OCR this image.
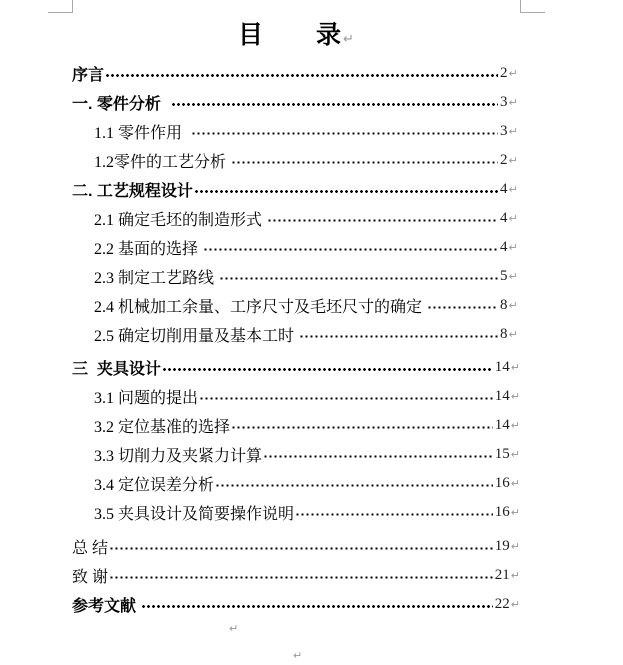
目　　录↵
序言	2 ↵
一. 零件分析	3 ↵
1.1 零件作用	3 ↵
1.2零件的工艺分析	2 ↵
二. 工艺规程设计	4 ↵
2.1 确定毛坯的制造形式	4 ↵
2.2 基面的选择	4 ↵
2.3 制定工艺路线	5 ↵
2.4 机械加工余量、工序尺寸及毛坯尺寸的确定	8 ↵
2.5 确定切削用量及基本工时	8 ↵
三  夹具设计	14 ↵
3.1 问题的提出	14 ↵
3.2 定位基准的选择	14 ↵
3.3 切削力及夹紧力计算	15 ↵
3.4 定位误差分析	16 ↵
3.5 夹具设计及简要操作说明	16 ↵
总 结	19 ↵
致 谢	21 ↵
参考文献	22 ↵
↵
↵
